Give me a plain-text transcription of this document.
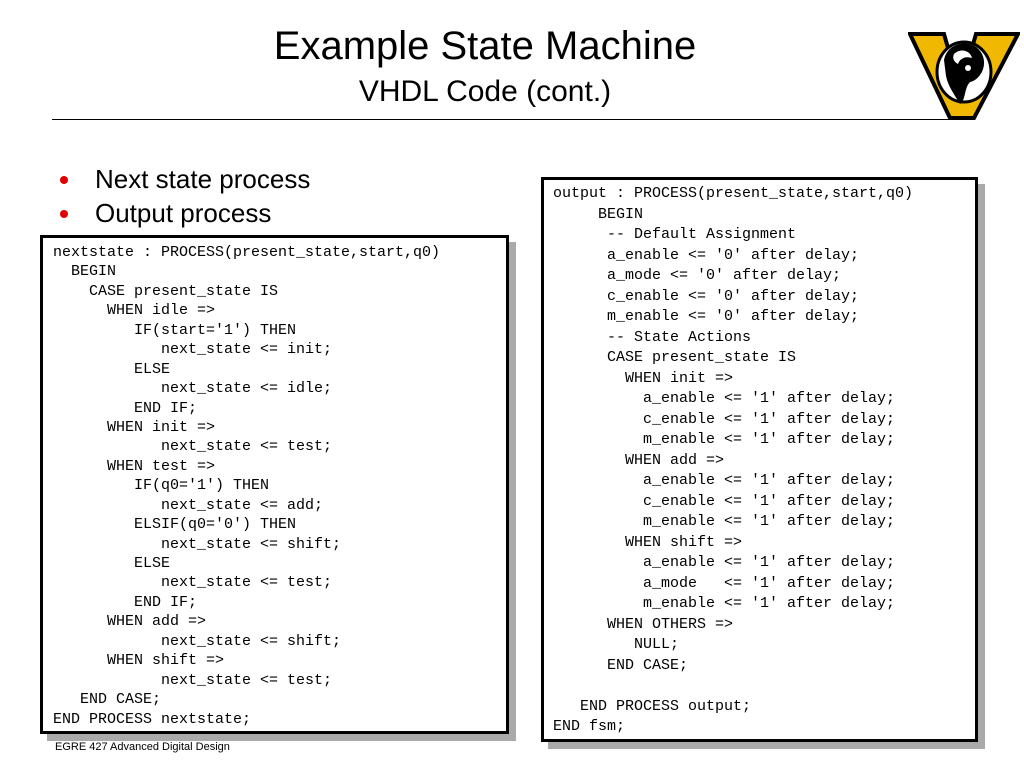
Example State Machine
VHDL Code (cont.)
Next state process
Output process
nextstate : PROCESS(present_state,start,q0)
BEGIN
CASE present_state IS
WHEN idle =>
IF(start='1') THEN
next_state <= init;
ELSE
next_state <= idle;
END IF;
WHEN init =>
next_state <= test;
WHEN test =>
IF(q0='1') THEN
next_state <= add;
ELSIF(q0='0') THEN
next_state <= shift;
ELSE
next_state <= test;
END IF;
WHEN add =>
next_state <= shift;
WHEN shift =>
next_state <= test;
END CASE;
END PROCESS nextstate;
output : PROCESS(present_state,start,q0)
BEGIN
-- Default Assignment
a_enable <= '0' after delay;
a_mode <= '0' after delay;
c_enable <= '0' after delay;
m_enable <= '0' after delay;
-- State Actions
CASE present_state IS
WHEN init =>
a_enable <= '1' after delay;
c_enable <= '1' after delay;
m_enable <= '1' after delay;
WHEN add =>
a_enable <= '1' after delay;
c_enable <= '1' after delay;
m_enable <= '1' after delay;
WHEN shift =>
a_enable <= '1' after delay;
a_mode   <= '1' after delay;
m_enable <= '1' after delay;
WHEN OTHERS =>
NULL;
END CASE;
END PROCESS output;
END fsm;
EGRE 427 Advanced Digital Design
